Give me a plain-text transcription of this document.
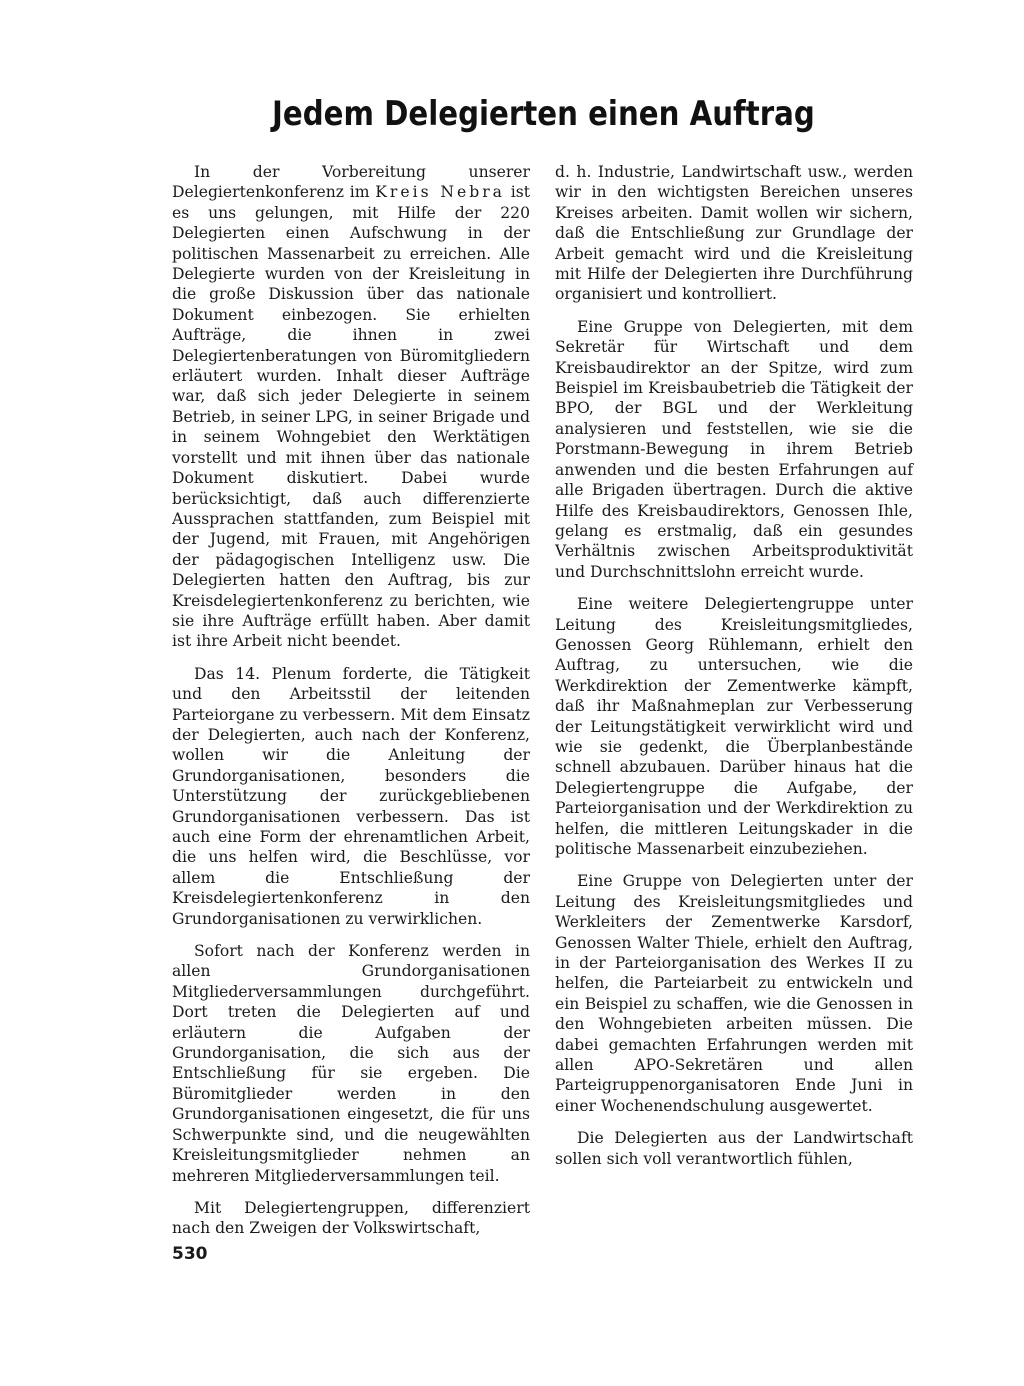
Jedem Delegierten einen Auftrag

In der Vorbereitung unserer Delegiertenkonferenz im Kreis Nebra ist es uns gelungen, mit Hilfe der 220 Delegierten einen Aufschwung in der politischen Massenarbeit zu erreichen. Alle Delegierte wurden von der Kreisleitung in die große Diskussion über das nationale Dokument einbezogen. Sie erhielten Aufträge, die ihnen in zwei Delegiertenberatungen von Büromitgliedern erläutert wurden. Inhalt dieser Aufträge war, daß sich jeder Delegierte in seinem Betrieb, in seiner LPG, in seiner Brigade und in seinem Wohngebiet den Werktätigen vorstellt und mit ihnen über das nationale Dokument diskutiert. Dabei wurde berücksichtigt, daß auch differenzierte Aussprachen stattfanden, zum Beispiel mit der Jugend, mit Frauen, mit Angehörigen der pädagogischen Intelligenz usw. Die Delegierten hatten den Auftrag, bis zur Kreisdelegiertenkonferenz zu berichten, wie sie ihre Aufträge erfüllt haben. Aber damit ist ihre Arbeit nicht beendet.

Das 14. Plenum forderte, die Tätigkeit und den Arbeitsstil der leitenden Parteiorgane zu verbessern. Mit dem Einsatz der Delegierten, auch nach der Konferenz, wollen wir die Anleitung der Grundorganisationen, besonders die Unterstützung der zurückgebliebenen Grundorganisationen verbessern. Das ist auch eine Form der ehrenamtlichen Arbeit, die uns helfen wird, die Beschlüsse, vor allem die Entschließung der Kreisdelegiertenkonferenz in den Grundorganisationen zu verwirklichen.

Sofort nach der Konferenz werden in allen Grundorganisationen Mitgliederversammlungen durchgeführt. Dort treten die Delegierten auf und erläutern die Aufgaben der Grundorganisation, die sich aus der Entschließung für sie ergeben. Die Büromitglieder werden in den Grundorganisationen eingesetzt, die für uns Schwerpunkte sind, und die neugewählten Kreisleitungsmitglieder nehmen an mehreren Mitgliederversammlungen teil.

Mit Delegiertengruppen, differenziert nach den Zweigen der Volkswirtschaft,

d. h. Industrie, Landwirtschaft usw., werden wir in den wichtigsten Bereichen unseres Kreises arbeiten. Damit wollen wir sichern, daß die Entschließung zur Grundlage der Arbeit gemacht wird und die Kreisleitung mit Hilfe der Delegierten ihre Durchführung organisiert und kontrolliert.

Eine Gruppe von Delegierten, mit dem Sekretär für Wirtschaft und dem Kreisbaudirektor an der Spitze, wird zum Beispiel im Kreisbaubetrieb die Tätigkeit der BPO, der BGL und der Werkleitung analysieren und feststellen, wie sie die Porstmann-Bewegung in ihrem Betrieb anwenden und die besten Erfahrungen auf alle Brigaden übertragen. Durch die aktive Hilfe des Kreisbaudirektors, Genossen Ihle, gelang es erstmalig, daß ein gesundes Verhältnis zwischen Arbeitsproduktivität und Durchschnittslohn erreicht wurde.

Eine weitere Delegiertengruppe unter Leitung des Kreisleitungsmitgliedes, Genossen Georg Rühlemann, erhielt den Auftrag, zu untersuchen, wie die Werkdirektion der Zementwerke kämpft, daß ihr Maßnahmeplan zur Verbesserung der Leitungstätigkeit verwirklicht wird und wie sie gedenkt, die Überplanbestände schnell abzubauen. Darüber hinaus hat die Delegiertengruppe die Aufgabe, der Parteiorganisation und der Werkdirektion zu helfen, die mittleren Leitungskader in die politische Massenarbeit einzubeziehen.

Eine Gruppe von Delegierten unter der Leitung des Kreisleitungsmitgliedes und Werkleiters der Zementwerke Karsdorf, Genossen Walter Thiele, erhielt den Auftrag, in der Parteiorganisation des Werkes II zu helfen, die Parteiarbeit zu entwickeln und ein Beispiel zu schaffen, wie die Genossen in den Wohngebieten arbeiten müssen. Die dabei gemachten Erfahrungen werden mit allen APO-Sekretären und allen Parteigruppenorganisatoren Ende Juni in einer Wochenendschulung ausgewertet.

Die Delegierten aus der Landwirtschaft sollen sich voll verantwortlich fühlen,

530
